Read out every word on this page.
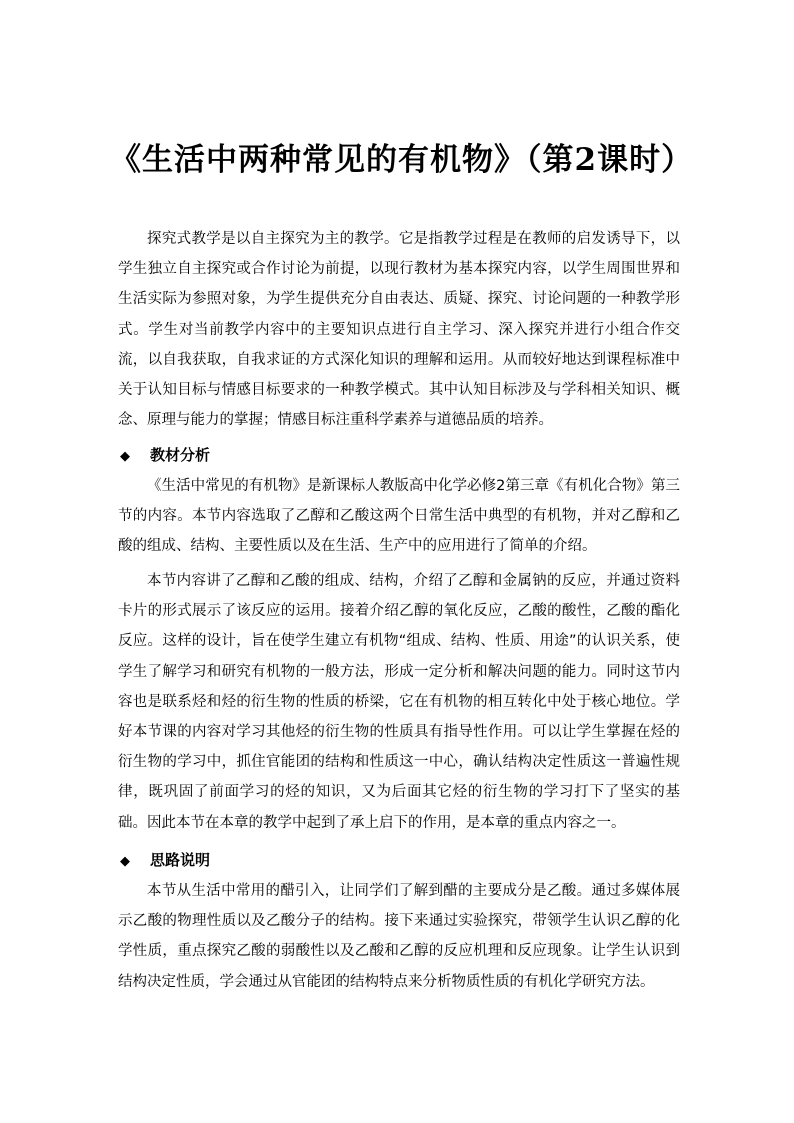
《生活中两种常见的有机物》（第2课时）

探究式教学是以自主探究为主的教学。它是指教学过程是在教师的启发诱导下，以学生独立自主探究或合作讨论为前提，以现行教材为基本探究内容，以学生周围世界和生活实际为参照对象，为学生提供充分自由表达、质疑、探究、讨论问题的一种教学形式。学生对当前教学内容中的主要知识点进行自主学习、深入探究并进行小组合作交流，以自我获取，自我求证的方式深化知识的理解和运用。从而较好地达到课程标准中关于认知目标与情感目标要求的一种教学模式。其中认知目标涉及与学科相关知识、概念、原理与能力的掌握；情感目标注重科学素养与道德品质的培养。

◆ 教材分析

《生活中常见的有机物》是新课标人教版高中化学必修2第三章《有机化合物》第三节的内容。本节内容选取了乙醇和乙酸这两个日常生活中典型的有机物，并对乙醇和乙酸的组成、结构、主要性质以及在生活、生产中的应用进行了简单的介绍。

本节内容讲了乙醇和乙酸的组成、结构，介绍了乙醇和金属钠的反应，并通过资料卡片的形式展示了该反应的运用。接着介绍乙醇的氧化反应，乙酸的酸性，乙酸的酯化反应。这样的设计，旨在使学生建立有机物“组成、结构、性质、用途”的认识关系，使学生了解学习和研究有机物的一般方法，形成一定分析和解决问题的能力。同时这节内容也是联系烃和烃的衍生物的性质的桥梁，它在有机物的相互转化中处于核心地位。学好本节课的内容对学习其他烃的衍生物的性质具有指导性作用。可以让学生掌握在烃的衍生物的学习中，抓住官能团的结构和性质这一中心，确认结构决定性质这一普遍性规律，既巩固了前面学习的烃的知识，又为后面其它烃的衍生物的学习打下了坚实的基础。因此本节在本章的教学中起到了承上启下的作用，是本章的重点内容之一。

◆ 思路说明

本节从生活中常用的醋引入，让同学们了解到醋的主要成分是乙酸。通过多媒体展示乙酸的物理性质以及乙酸分子的结构。接下来通过实验探究，带领学生认识乙醇的化学性质，重点探究乙酸的弱酸性以及乙酸和乙醇的反应机理和反应现象。让学生认识到结构决定性质，学会通过从官能团的结构特点来分析物质性质的有机化学研究方法。
